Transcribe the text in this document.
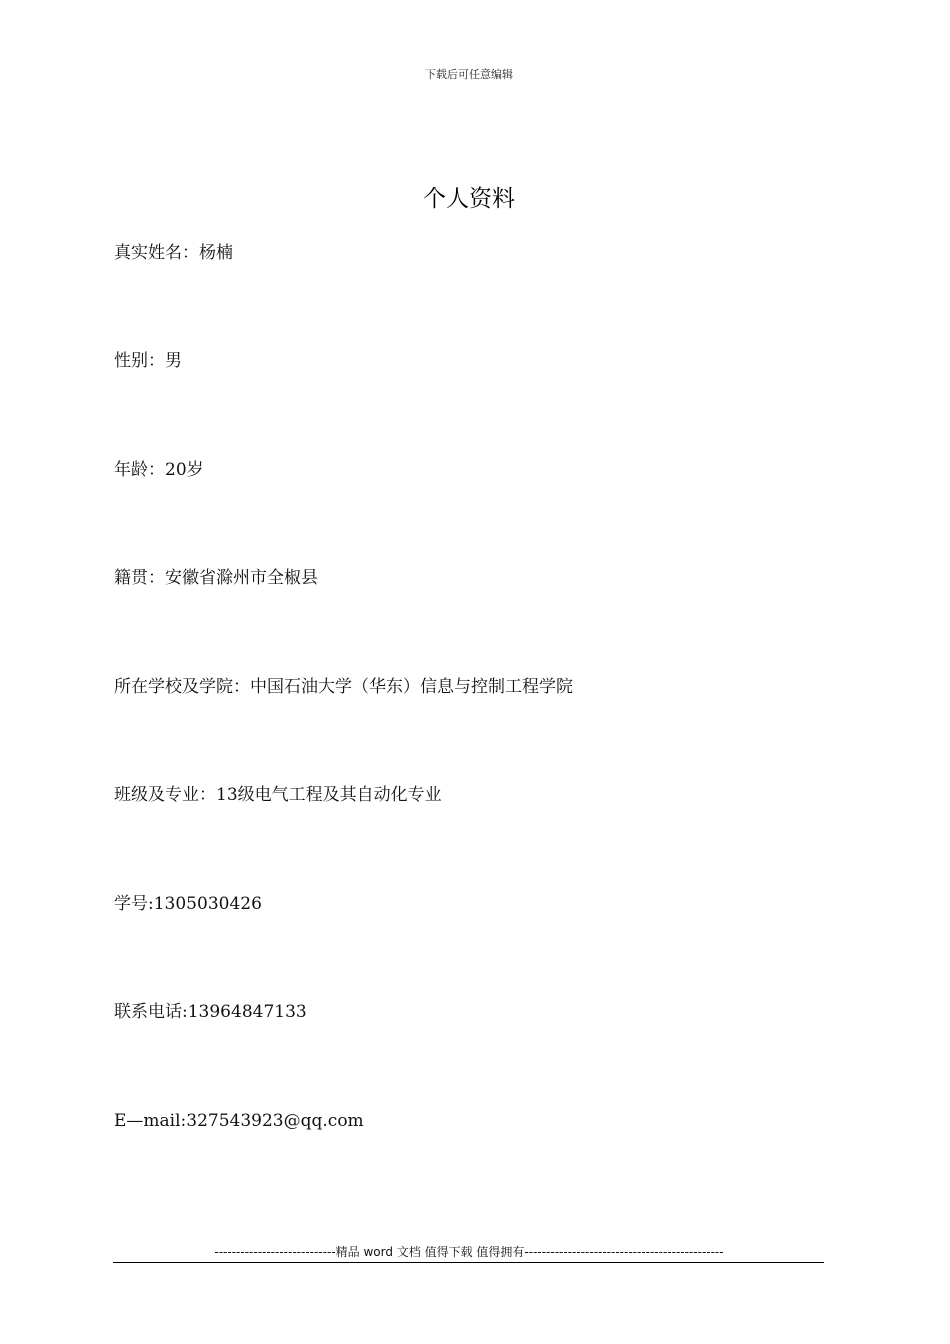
下载后可任意编辑
个人资料
真实姓名：杨楠
性别：男
年龄：20岁
籍贯：安徽省滁州市全椒县
所在学校及学院：中国石油大学（华东）信息与控制工程学院
班级及专业：13级电气工程及其自动化专业
学号:1305030426
联系电话:13964847133
E—mail:327543923@qq.com
----------------------------精品 word 文档 值得下载 值得拥有----------------------------------------------
